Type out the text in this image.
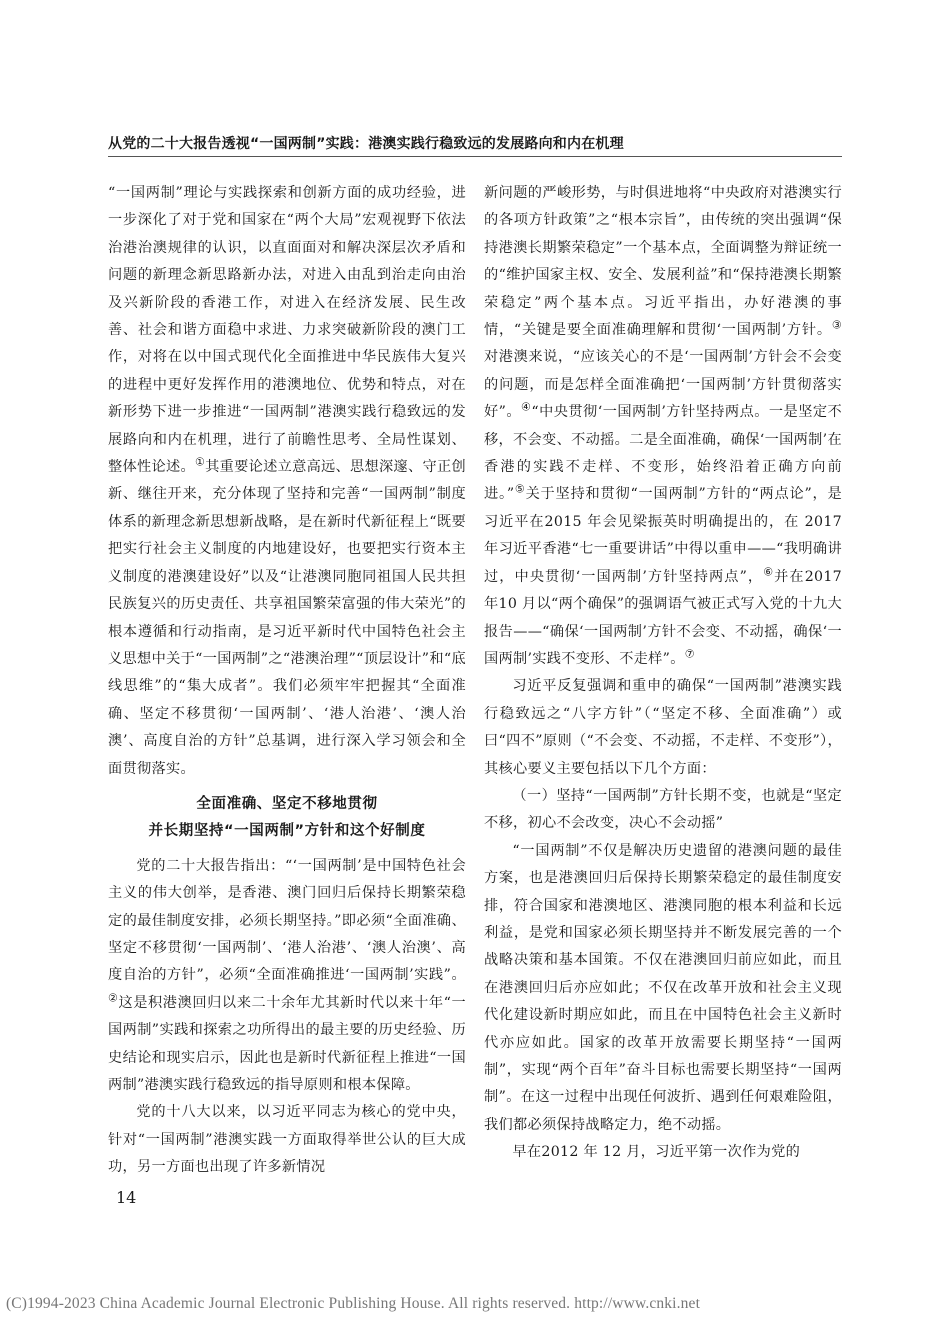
从党的二十大报告透视“一国两制”实践：港澳实践行稳致远的发展路向和内在机理

“一国两制”理论与实践探索和创新方面的成功经验，进一步深化了对于党和国家在“两个大局”宏观视野下依法治港治澳规律的认识，以直面面对和解决深层次矛盾和问题的新理念新思路新办法，对进入由乱到治走向由治及兴新阶段的香港工作，对进入在经济发展、民生改善、社会和谐方面稳中求进、力求突破新阶段的澳门工作，对将在以中国式现代化全面推进中华民族伟大复兴的进程中更好发挥作用的港澳地位、优势和特点，对在新形势下进一步推进“一国两制”港澳实践行稳致远的发展路向和内在机理，进行了前瞻性思考、全局性谋划、整体性论述。①其重要论述立意高远、思想深邃、守正创新、继往开来，充分体现了坚持和完善“一国两制”制度体系的新理念新思想新战略，是在新时代新征程上“既要把实行社会主义制度的内地建设好，也要把实行资本主义制度的港澳建设好”以及“让港澳同胞同祖国人民共担民族复兴的历史责任、共享祖国繁荣富强的伟大荣光”的根本遵循和行动指南，是习近平新时代中国特色社会主义思想中关于“一国两制”之“港澳治理”“顶层设计”和“底线思维”的“集大成者”。我们必须牢牢把握其“全面准确、坚定不移贯彻‘一国两制’、‘港人治港’、‘澳人治澳’、高度自治的方针”总基调，进行深入学习领会和全面贯彻落实。

全面准确、坚定不移地贯彻
并长期坚持“一国两制”方针和这个好制度

党的二十大报告指出：“‘一国两制’是中国特色社会主义的伟大创举，是香港、澳门回归后保持长期繁荣稳定的最佳制度安排，必须长期坚持。”即必须“全面准确、坚定不移贯彻‘一国两制’、‘港人治港’、‘澳人治澳’、高度自治的方针”，必须“全面准确推进‘一国两制’实践”。②这是积港澳回归以来二十余年尤其新时代以来十年“一国两制”实践和探索之功所得出的最主要的历史经验、历史结论和现实启示，因此也是新时代新征程上推进“一国两制”港澳实践行稳致远的指导原则和根本保障。

党的十八大以来，以习近平同志为核心的党中央，针对“一国两制”港澳实践一方面取得举世公认的巨大成功，另一方面也出现了许多新情况

新问题的严峻形势，与时俱进地将“中央政府对港澳实行的各项方针政策”之“根本宗旨”，由传统的突出强调“保持港澳长期繁荣稳定”一个基本点，全面调整为辩证统一的“维护国家主权、安全、发展利益”和“保持港澳长期繁荣稳定”两个基本点。习近平指出，办好港澳的事情，“关键是要全面准确理解和贯彻‘一国两制’方针。③对港澳来说，“应该关心的不是‘一国两制’方针会不会变的问题，而是怎样全面准确把‘一国两制’方针贯彻落实好”。④“中央贯彻‘一国两制’方针坚持两点。一是坚定不移，不会变、不动摇。二是全面准确，确保‘一国两制’在香港的实践不走样、不变形，始终沿着正确方向前进。”⑤关于坚持和贯彻“一国两制”方针的“两点论”，是习近平在2015 年会见梁振英时明确提出的，在 2017 年习近平香港“七一重要讲话”中得以重申——“我明确讲过，中央贯彻‘一国两制’方针坚持两点”，⑥并在2017 年10 月以“两个确保”的强调语气被正式写入党的十九大报告——“确保‘一国两制’方针不会变、不动摇，确保‘一国两制’实践不变形、不走样”。⑦

习近平反复强调和重申的确保“一国两制”港澳实践行稳致远之“八字方针”（“坚定不移、全面准确”）或曰“四不”原则（“不会变、不动摇，不走样、不变形”），其核心要义主要包括以下几个方面：

（一）坚持“一国两制”方针长期不变，也就是“坚定不移，初心不会改变，决心不会动摇”

“一国两制”不仅是解决历史遗留的港澳问题的最佳方案，也是港澳回归后保持长期繁荣稳定的最佳制度安排，符合国家和港澳地区、港澳同胞的根本利益和长远利益，是党和国家必须长期坚持并不断发展完善的一个战略决策和基本国策。不仅在港澳回归前应如此，而且在港澳回归后亦应如此；不仅在改革开放和社会主义现代化建设新时期应如此，而且在中国特色社会主义新时代亦应如此。国家的改革开放需要长期坚持“一国两制”，实现“两个百年”奋斗目标也需要长期坚持“一国两制”。在这一过程中出现任何波折、遇到任何艰难险阻，我们都必须保持战略定力，绝不动摇。

早在2012 年 12 月，习近平第一次作为党的

14
(C)1994-2023 China Academic Journal Electronic Publishing House. All rights reserved. http://www.cnki.net
